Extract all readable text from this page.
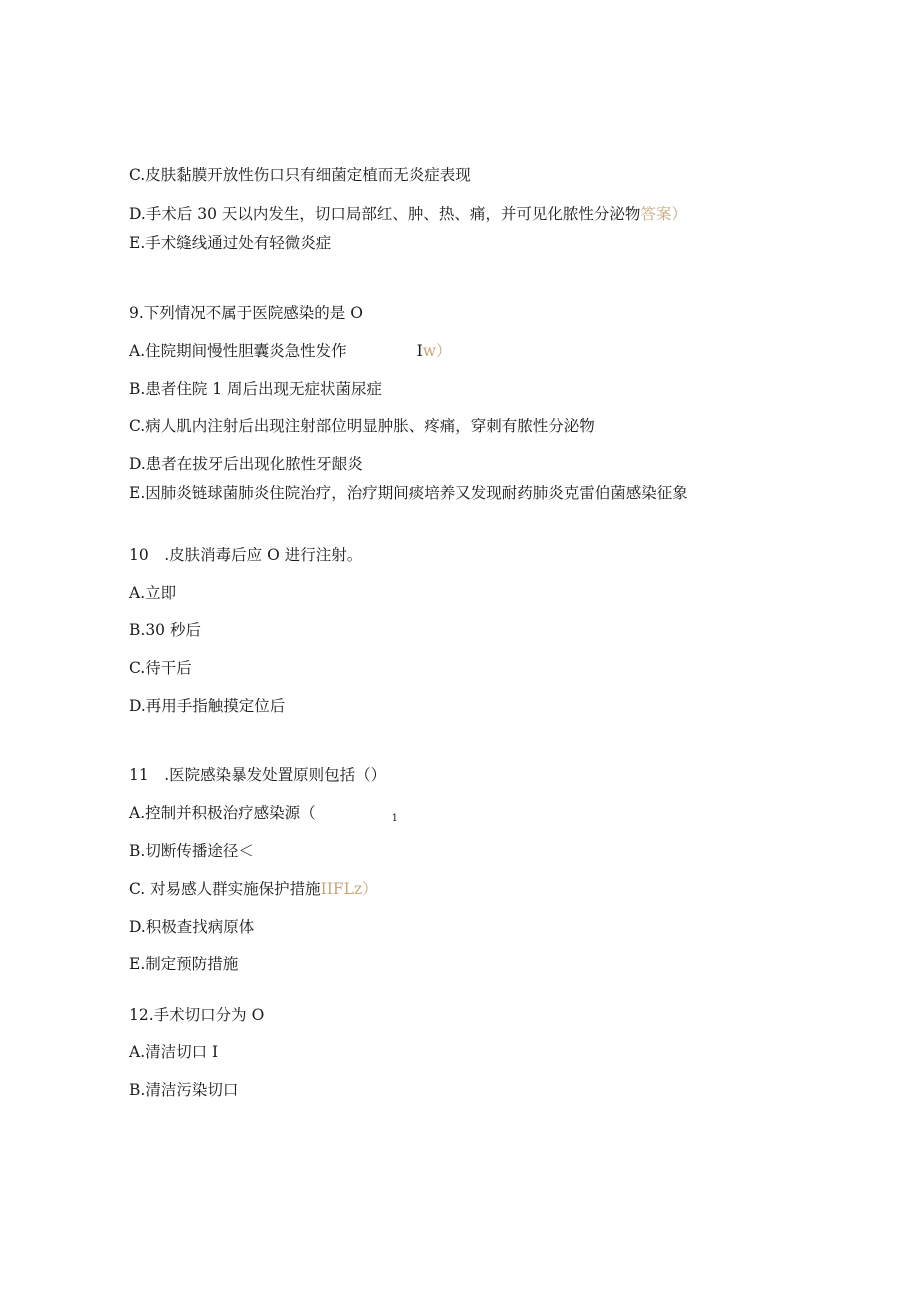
C.皮肤黏膜开放性伤口只有细菌定植而无炎症表现
D.手术后 30 天以内发生，切口局部红、肿、热、痛，并可见化脓性分泌物答案）
E.手术缝线通过处有轻微炎症
9.下列情况不属于医院感染的是 O
A.住院期间慢性胆囊炎急性发作	Iw）
B.患者住院 1 周后出现无症状菌尿症
C.病人肌内注射后出现注射部位明显肿胀、疼痛，穿刺有脓性分泌物
D.患者在拔牙后出现化脓性牙龈炎
E.因肺炎链球菌肺炎住院治疗，治疗期间痰培养又发现耐药肺炎克雷伯菌感染征象
10　.皮肤消毒后应 O 进行注射。
A.立即
B.30 秒后
C.待干后
D.再用手指触摸定位后
11　.医院感染暴发处置原则包括（）
A.控制并积极治疗感染源（	1
B.切断传播途径＜
C. 对易感人群实施保护措施IIFLz）
D.积极查找病原体
E.制定预防措施
12.手术切口分为 O
A.清洁切口 I
B.清洁污染切口
